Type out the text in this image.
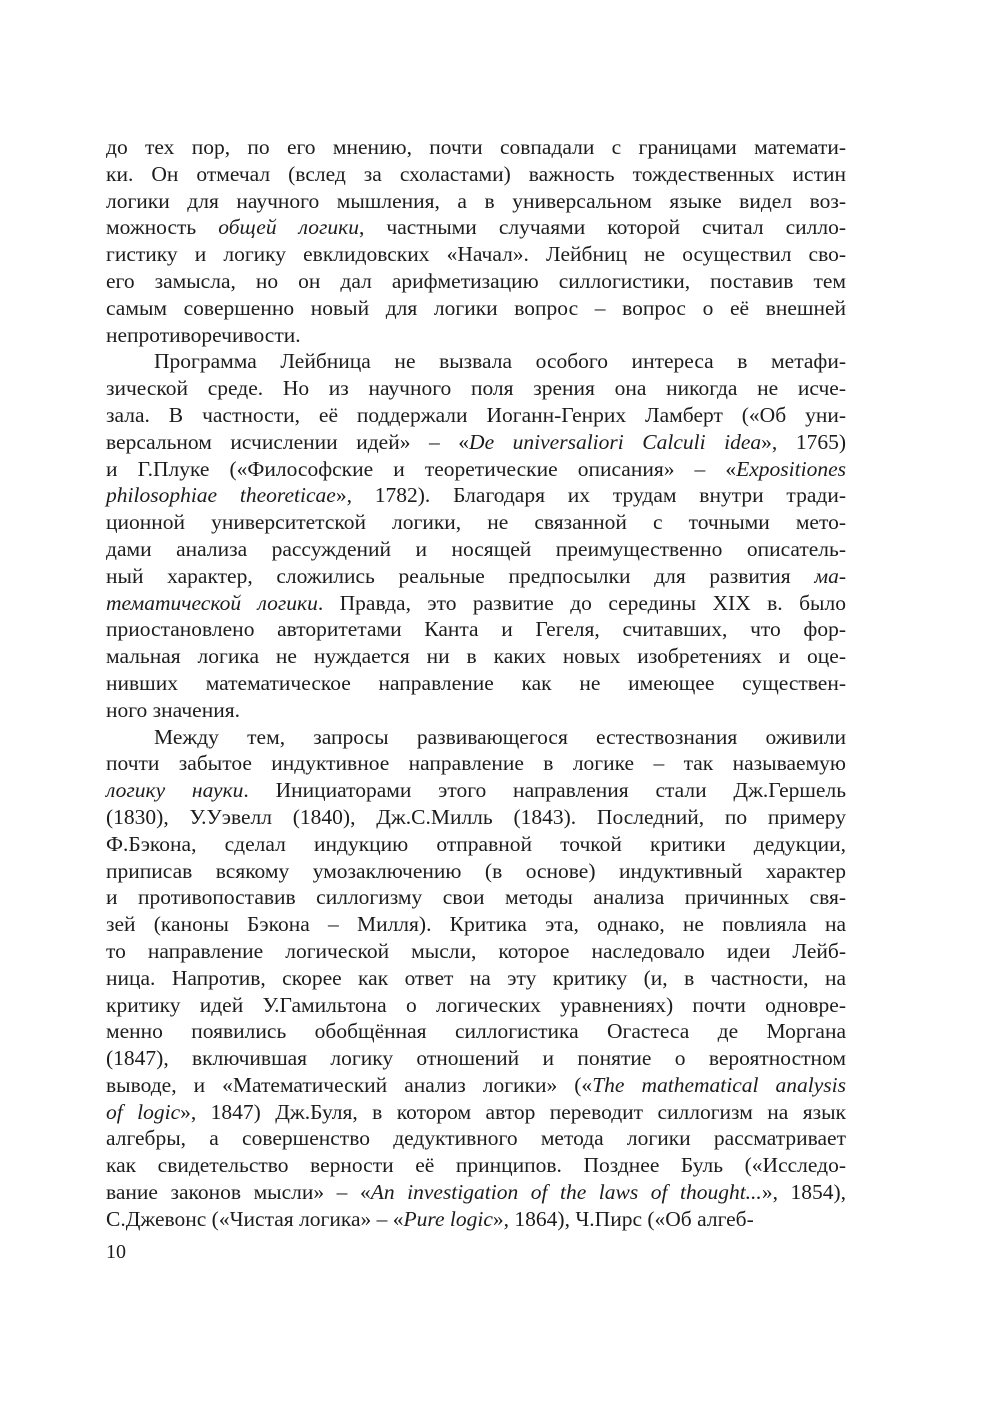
до тех пор, по его мнению, почти совпадали с границами математи-
ки. Он отмечал (вслед за схоластами) важность тождественных истин
логики для научного мышления, а в универсальном языке видел воз-
можность общей логики, частными случаями которой считал силло-
гистику и логику евклидовских «Начал». Лейбниц не осуществил сво-
его замысла, но он дал арифметизацию силлогистики, поставив тем
самым совершенно новый для логики вопрос – вопрос о её внешней
непротиворечивости.

Программа Лейбница не вызвала особого интереса в метафи-
зической среде. Но из научного поля зрения она никогда не исче-
зала. В частности, её поддержали Иоганн-Генрих Ламберт («Об уни-
версальном исчислении идей» – «De universaliori Calculi idea», 1765)
и Г.Плуке («Философские и теоретические описания» – «Expositiones
philosophiae theoreticae», 1782). Благодаря их трудам внутри тради-
ционной университетской логики, не связанной с точными мето-
дами анализа рассуждений и носящей преимущественно описатель-
ный характер, сложились реальные предпосылки для развития ма-
тематической логики. Правда, это развитие до середины XIX в. было
приостановлено авторитетами Канта и Гегеля, считавших, что фор-
мальная логика не нуждается ни в каких новых изобретениях и оце-
нивших математическое направление как не имеющее существен-
ного значения.

Между тем, запросы развивающегося естествознания оживили
почти забытое индуктивное направление в логике – так называемую
логику науки. Инициаторами этого направления стали Дж.Гершель
(1830), У.Уэвелл (1840), Дж.С.Милль (1843). Последний, по примеру
Ф.Бэкона, сделал индукцию отправной точкой критики дедукции,
приписав всякому умозаключению (в основе) индуктивный характер
и противопоставив силлогизму свои методы анализа причинных свя-
зей (каноны Бэкона – Милля). Критика эта, однако, не повлияла на
то направление логической мысли, которое наследовало идеи Лейб-
ница. Напротив, скорее как ответ на эту критику (и, в частности, на
критику идей У.Гамильтона о логических уравнениях) почти одновре-
менно появились обобщённая силлогистика Огастеса де Моргана
(1847), включившая логику отношений и понятие о вероятностном
выводе, и «Математический анализ логики» («The mathematical analysis
of logic», 1847) Дж.Буля, в котором автор переводит силлогизм на язык
алгебры, а совершенство дедуктивного метода логики рассматривает
как свидетельство верности её принципов. Позднее Буль («Исследо-
вание законов мысли» – «An investigation of the laws of thought...», 1854),
С.Джевонс («Чистая логика» – «Pure logic», 1864), Ч.Пирс («Об алгеб-

10
